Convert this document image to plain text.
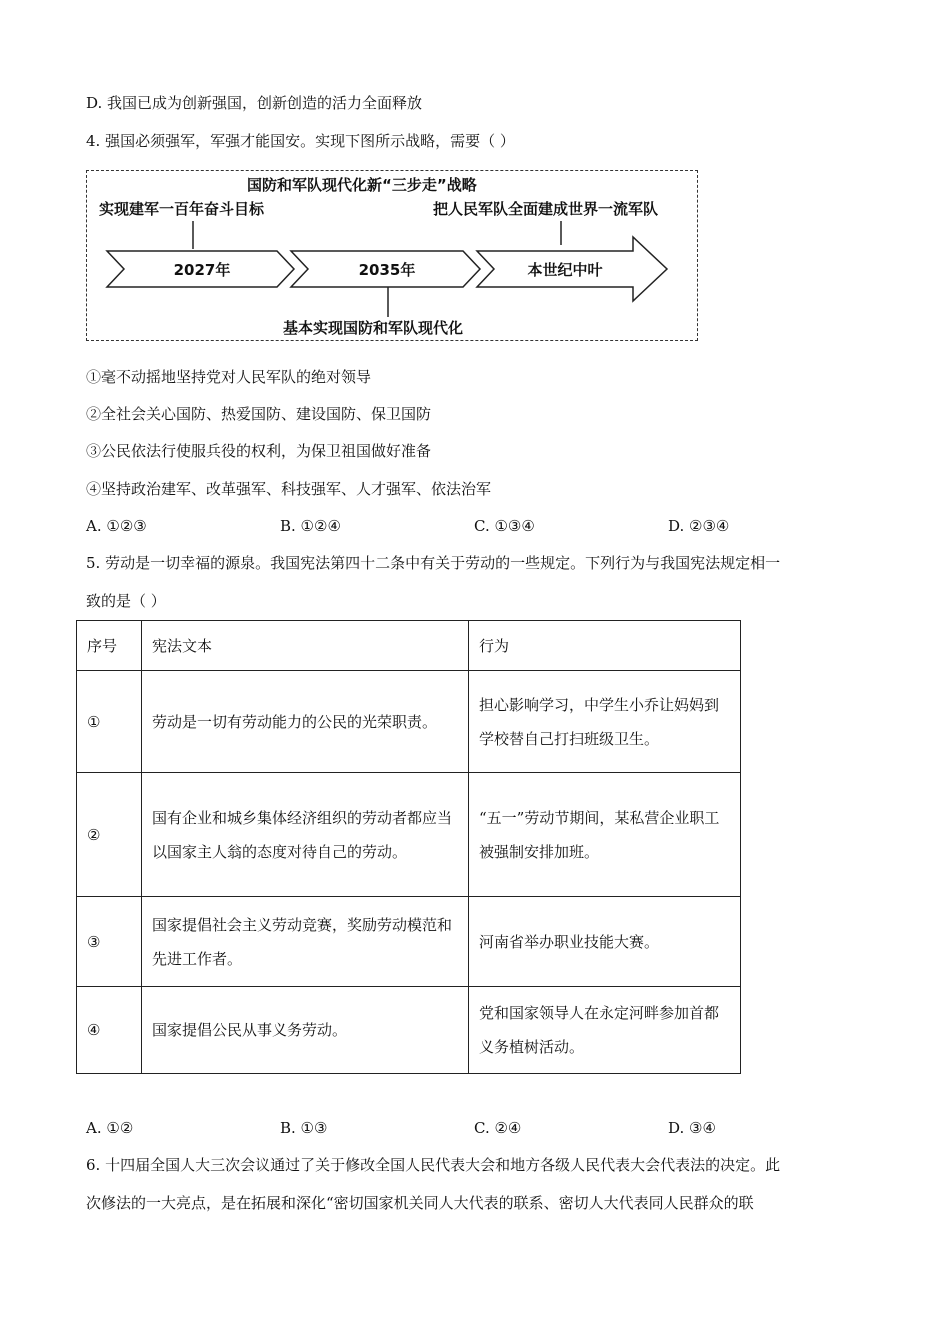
D. 我国已成为创新强国，创新创造的活力全面释放
4. 强国必须强军，军强才能国安。实现下图所示战略，需要（ ）
国防和军队现代化新“三步走”战略
实现建军一百年奋斗目标	把人民军队全面建成世界一流军队
2027年	2035年	本世纪中叶
基本实现国防和军队现代化
①毫不动摇地坚持党对人民军队的绝对领导
②全社会关心国防、热爱国防、建设国防、保卫国防
③公民依法行使服兵役的权利，为保卫祖国做好准备
④坚持政治建军、改革强军、科技强军、人才强军、依法治军
A. ①②③	B. ①②④	C. ①③④	D. ②③④
5. 劳动是一切幸福的源泉。我国宪法第四十二条中有关于劳动的一些规定。下列行为与我国宪法规定相一
致的是（ ）
序号	宪法文本	行为
①	劳动是一切有劳动能力的公民的光荣职责。	担心影响学习，中学生小乔让妈妈到学校替自己打扫班级卫生。
②	国有企业和城乡集体经济组织的劳动者都应当以国家主人翁的态度对待自己的劳动。	“五一”劳动节期间，某私营企业职工被强制安排加班。
③	国家提倡社会主义劳动竞赛，奖励劳动模范和先进工作者。	河南省举办职业技能大赛。
④	国家提倡公民从事义务劳动。	党和国家领导人在永定河畔参加首都义务植树活动。
A. ①②	B. ①③	C. ②④	D. ③④
6. 十四届全国人大三次会议通过了关于修改全国人民代表大会和地方各级人民代表大会代表法的决定。此
次修法的一大亮点，是在拓展和深化“密切国家机关同人大代表的联系、密切人大代表同人民群众的联
